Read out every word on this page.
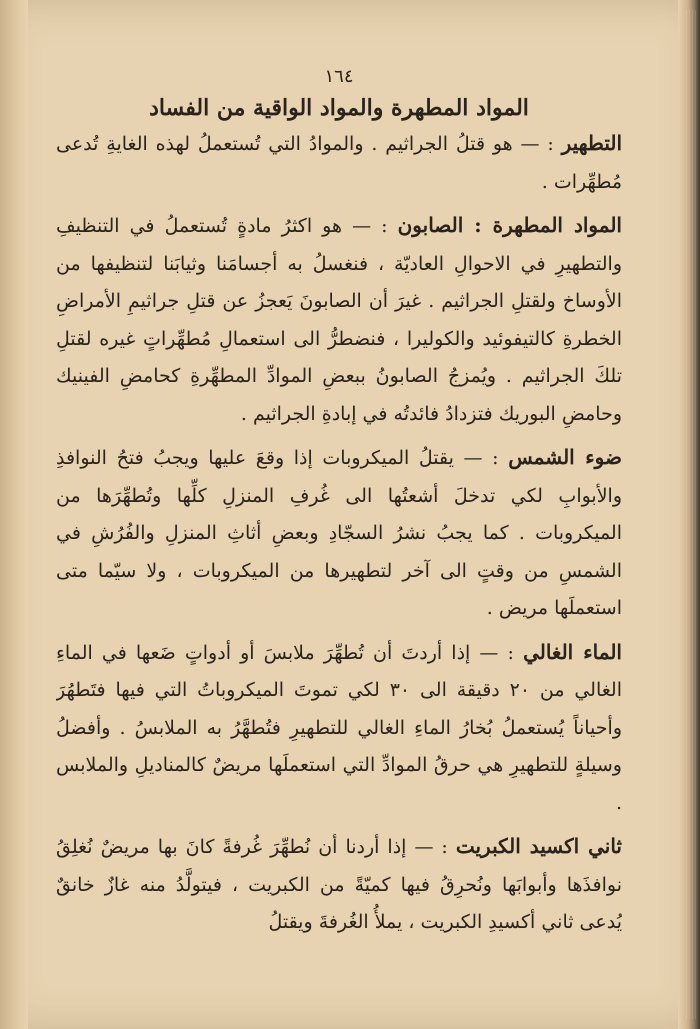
١٦٤
المواد المطهرة والمواد الواقية من الفساد

التطهير : — هو قتلُ الجراثيم . والموادُ التي تُستعملُ لهذه الغايةِ تُدعى مُطهِّرات .

المواد المطهرة : الصابون : — هو اكثرُ مادةٍ تُستعملُ في التنظيفِ والتطهيرِ في الاحوالِ العاديّة ، فنغسلُ به أجسامَنا وثيابَنا لتنظيفها من الأوساخ ولقتلِ الجراثيم . غيرَ أن الصابونَ يَعجزُ عن قتلِ جراثيمِ الأمراضِ الخطرةِ كالتيفوئيد والكوليرا ، فنضطرُّ الى استعمالِ مُطهِّراتٍ غيره لقتلِ تلكَ الجراثيم . ويُمزجُ الصابونُ ببعضِ الموادِّ المطهِّرةِ كحامضِ الفينيك وحامضِ البوريك فتزدادُ فائدتُه في إبادةِ الجراثيم .

ضوء الشمس : — يقتلُ الميكروبات إذا وقعَ عليها ويجبُ فتحُ النوافذِ والأبوابِ لكي تدخلَ أشعتُها الى غُرفِ المنزلِ كلِّها وتُطهِّرَها من الميكروبات . كما يجبُ نشرُ السجّادِ وبعضِ أثاثِ المنزلِ والفُرُشِ في الشمسِ من وقتٍ الى آخر لتطهيرها من الميكروبات ، ولا سيّما متى استعملَها مريض .

الماء الغالي : — إذا أردتَ أن تُطهِّرَ ملابسَ أو أدواتٍ ضَعها في الماءِ الغالي من ٢٠ دقيقة الى ٣٠ لكي تموتَ الميكروباتُ التي فيها فتَطهُرَ وأحياناً يُستعملُ بُخارُ الماءِ الغالي للتطهيرِ فتُطهَّرُ به الملابسُ . وأفضلُ وسيلةٍ للتطهيرِ هي حرقُ الموادِّ التي استعملَها مريضٌ كالمناديلِ والملابس .

ثاني اكسيد الكبريت : — إذا أردنا أن نُطهِّرَ غُرفةً كانَ بها مريضٌ نُغلِقُ نوافذَها وأبوابَها ونُحرِقُ فيها كميّةً من الكبريت ، فيتولَّدُ منه غازٌ خانقٌ يُدعى ثاني أكسيدِ الكبريت ، يملأُ الغُرفةَ ويقتلُ
